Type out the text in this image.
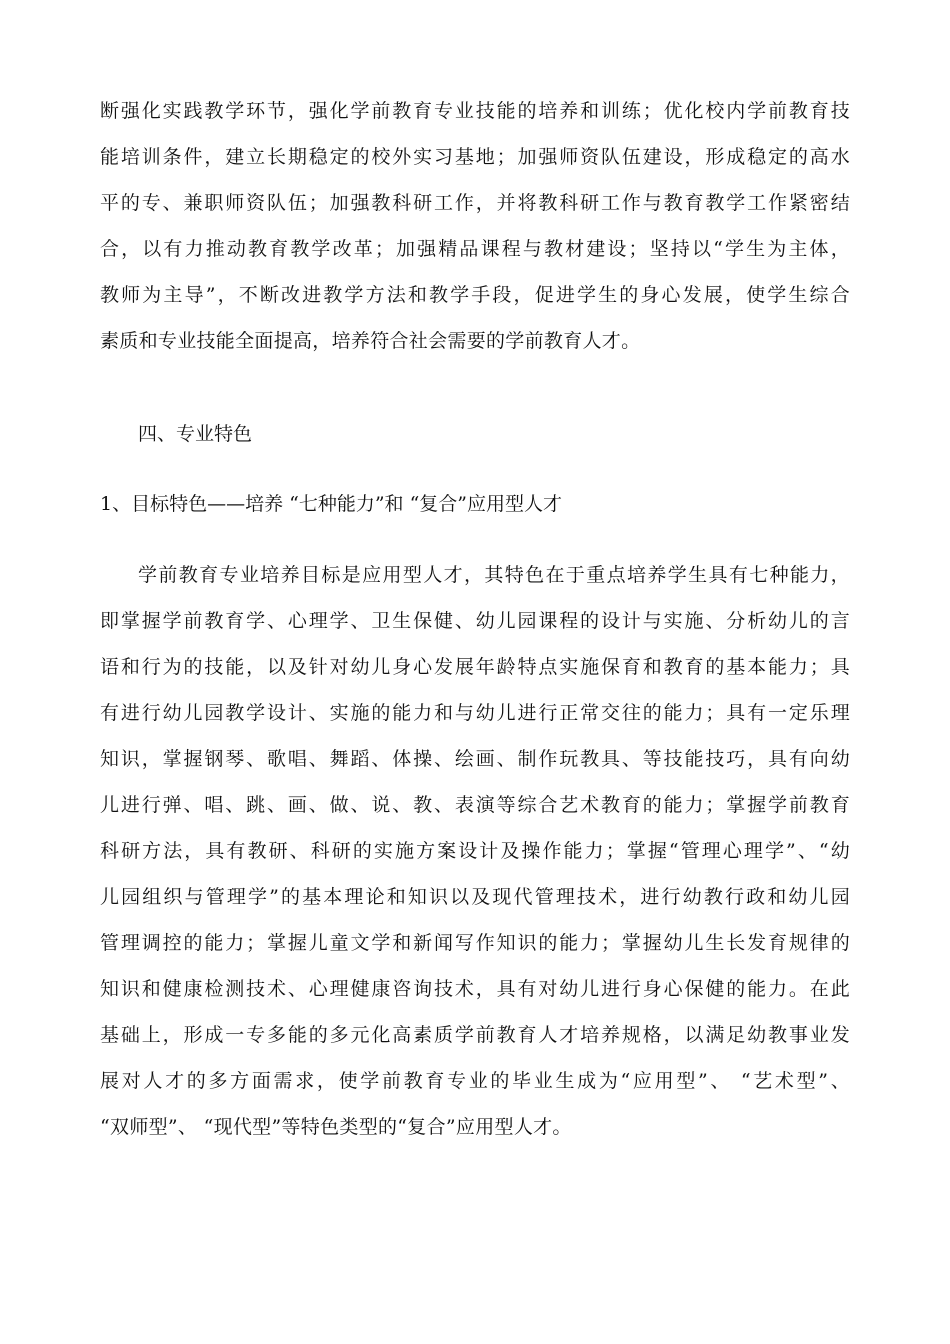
断强化实践教学环节，强化学前教育专业技能的培养和训练；优化校内学前教育技
能培训条件，建立长期稳定的校外实习基地；加强师资队伍建设，形成稳定的高水
平的专、兼职师资队伍；加强教科研工作，并将教科研工作与教育教学工作紧密结
合，以有力推动教育教学改革；加强精品课程与教材建设；坚持以“学生为主体，
教师为主导”，不断改进教学方法和教学手段，促进学生的身心发展，使学生综合
素质和专业技能全面提高，培养符合社会需要的学前教育人才。
四、专业特色
1、目标特色——培养 “七种能力”和 “复合”应用型人才
学前教育专业培养目标是应用型人才，其特色在于重点培养学生具有七种能力，
即掌握学前教育学、心理学、卫生保健、幼儿园课程的设计与实施、分析幼儿的言
语和行为的技能，以及针对幼儿身心发展年龄特点实施保育和教育的基本能力；具
有进行幼儿园教学设计、实施的能力和与幼儿进行正常交往的能力；具有一定乐理
知识，掌握钢琴、歌唱、舞蹈、体操、绘画、制作玩教具、等技能技巧，具有向幼
儿进行弹、唱、跳、画、做、说、教、表演等综合艺术教育的能力；掌握学前教育
科研方法，具有教研、科研的实施方案设计及操作能力；掌握“管理心理学”、“幼
儿园组织与管理学”的基本理论和知识以及现代管理技术，进行幼教行政和幼儿园
管理调控的能力；掌握儿童文学和新闻写作知识的能力；掌握幼儿生长发育规律的
知识和健康检测技术、心理健康咨询技术，具有对幼儿进行身心保健的能力。在此
基础上，形成一专多能的多元化高素质学前教育人才培养规格，以满足幼教事业发
展对人才的多方面需求，使学前教育专业的毕业生成为“应用型”、 “艺术型”、
“双师型”、 “现代型”等特色类型的“复合”应用型人才。
